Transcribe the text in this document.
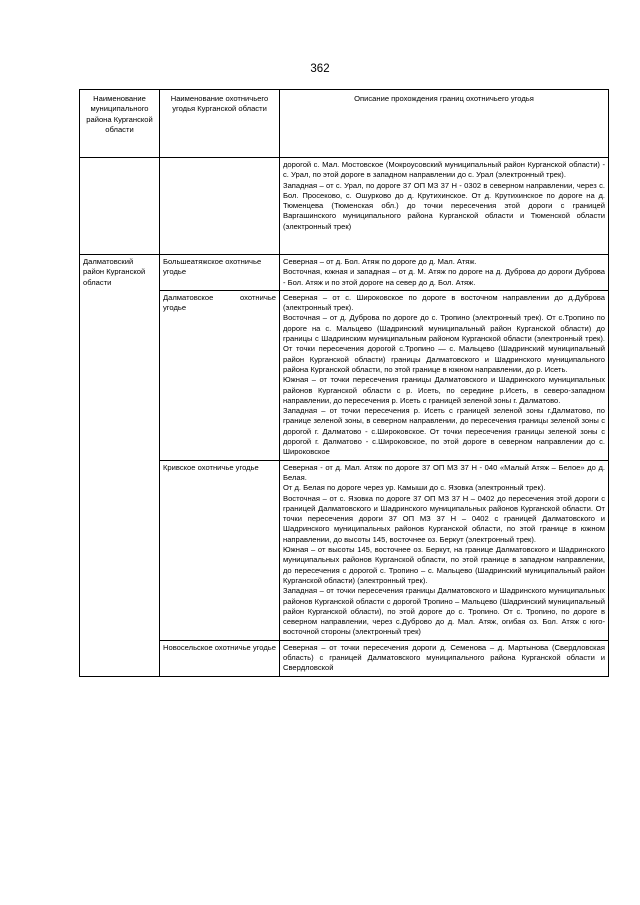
362
Наименование муниципального района Курганской области	Наименование охотничьего угодья Курганской области	Описание прохождения границ охотничьего угодья

		дорогой с. Мал. Мостовское (Мокроусовский муниципальный район Курганской области) - с. Урал, по этой дороге в западном направлении до с. Урал (электронный трек).

Западная – от с. Урал, по дороге 37 ОП МЗ 37 Н - 0302 в северном направлении, через с. Бол. Просеково, с. Ошурково до д. Крутихинское. От д. Крутихинское по дороге на д. Тюменцева (Тюменская обл.) до точки пересечения этой дороги с границей Варгашинского муниципального района Курганской области и Тюменской области (электронный трек)

Далматовский район Курганской области	Большеатяжское охотничье угодье	Северная – от д. Бол. Атяж по дороге до д. Мал. Атяж.

Восточная, южная и западная – от д. М. Атяж по дороге на д. Дуброва до дороги Дуброва - Бол. Атяж и по этой дороге на север до д. Бол. Атяж.

	Далматовское охотничье угодье	Северная – от с. Широковское по дороге в восточном направлении до д.Дуброва (электронный трек).

Восточная – от д. Дуброва по дороге до с. Тропино (электронный трек). От с.Тропино по дороге на с. Мальцево (Шадринский муниципальный район Курганской области) до границы с Шадринским муниципальным районом Курганской области (электронный трек). От точки пересечения дорогой с.Тропино — с. Мальцево (Шадринский муниципальный район Курганской области) границы Далматовского и Шадринского муниципального района Курганской области, по этой границе в южном направлении, до р. Исеть.

Южная – от точки пересечения границы Далматовского и Шадринского муниципальных районов Курганской области с р. Исеть, по середине р.Исеть, в северо-западном направлении, до пересечения р. Исеть с границей зеленой зоны г. Далматово.

Западная – от точки пересечения р. Исеть с границей зеленой зоны г.Далматово, по границе зеленой зоны, в северном направлении, до пересечения границы зеленой зоны с дорогой г. Далматово - с.Широковское. От точки пересечения границы зеленой зоны с дорогой г. Далматово - с.Широковское, по этой дороге в северном направлении до с. Широковское

	Кривское охотничье угодье	Северная - от д. Мал. Атяж по дороге 37 ОП МЗ 37 Н - 040 «Малый Атяж – Белое» до д. Белая.

От д. Белая по дороге через ур. Камыши до с. Язовка (электронный трек).

Восточная – от с. Язовка по дороге 37 ОП МЗ 37 Н – 0402 до пересечения этой дороги с границей Далматовского и Шадринского муниципальных районов Курганской области. От точки пересечения дороги 37 ОП МЗ 37 Н – 0402 с границей Далматовского и Шадринского муниципальных районов Курганской области, по этой границе в южном направлении, до высоты 145, восточнее оз. Беркут (электронный трек).

Южная – от высоты 145, восточнее оз. Беркут, на границе Далматовского и Шадринского муниципальных районов Курганской области, по этой границе в западном направлении, до пересечения с дорогой с. Тропино – с. Мальцево (Шадринский муниципальный район Курганской области) (электронный трек).

Западная – от точки пересечения границы Далматовского и Шадринского муниципальных районов Курганской области с дорогой Тропино – Мальцево (Шадринский муниципальный район Курганской области), по этой дороге до с. Тропино. От с. Тропино, по дороге в северном направлении, через с.Дуброво до д. Мал. Атяж, огибая оз. Бол. Атяж с юго-восточной стороны (электронный трек)

	Новосельское охотничье угодье	Северная – от точки пересечения дороги д. Семенова – д. Мартынова (Свердловская область) с границей Далматовского муниципального района Курганской области и Свердловской
